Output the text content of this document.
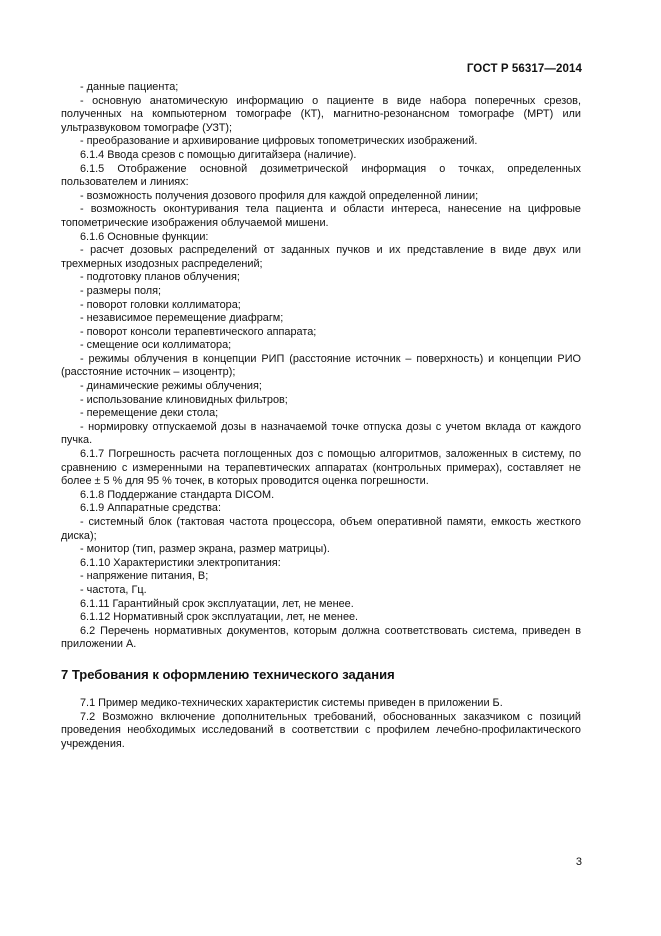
ГОСТ Р 56317—2014

- данные пациента;

- основную анатомическую информацию о пациенте в виде набора поперечных срезов, полученных на компьютерном томографе (КТ), магнитно-резонансном томографе (МРТ) или ультразвуковом томографе (УЗТ);

- преобразование и архивирование цифровых топометрических изображений.

6.1.4 Ввода срезов с помощью дигитайзера (наличие).

6.1.5 Отображение основной дозиметрической информация о точках, определенных пользователем и линиях:

- возможность получения дозового профиля для каждой определенной линии;

- возможность оконтуривания тела пациента и области интереса, нанесение на цифровые топометрические изображения облучаемой мишени.

6.1.6 Основные функции:

- расчет дозовых распределений от заданных пучков и их представление в виде двух или трехмерных изодозных распределений;

- подготовку планов облучения;

- размеры поля;

- поворот головки коллиматора;

- независимое перемещение диафрагм;

- поворот консоли терапевтического аппарата;

- смещение оси коллиматора;

- режимы облучения в концепции РИП (расстояние источник – поверхность) и концепции РИО (расстояние источник – изоцентр);

- динамические режимы облучения;

- использование клиновидных фильтров;

- перемещение деки стола;

- нормировку отпускаемой дозы в назначаемой точке отпуска дозы с учетом вклада от каждого пучка.

6.1.7 Погрешность расчета поглощенных доз с помощью алгоритмов, заложенных в систему, по сравнению с измеренными на терапевтических аппаратах (контрольных примерах), составляет не более ± 5 % для 95 % точек, в которых проводится оценка погрешности.

6.1.8 Поддержание стандарта DICOM.

6.1.9 Аппаратные средства:

- системный блок (тактовая частота процессора, объем оперативной памяти, емкость жесткого диска);

- монитор (тип, размер экрана, размер матрицы).

6.1.10 Характеристики электропитания:

- напряжение питания, В;

- частота, Гц.

6.1.11 Гарантийный срок эксплуатации, лет, не менее.

6.1.12 Нормативный срок эксплуатации, лет, не менее.

6.2 Перечень нормативных документов, которым должна соответствовать система, приведен в приложении А.

7 Требования к оформлению технического задания

7.1 Пример медико-технических характеристик системы приведен в приложении Б.

7.2 Возможно включение дополнительных требований, обоснованных заказчиком с позиций проведения необходимых исследований в соответствии с профилем лечебно-профилактического учреждения.

3
